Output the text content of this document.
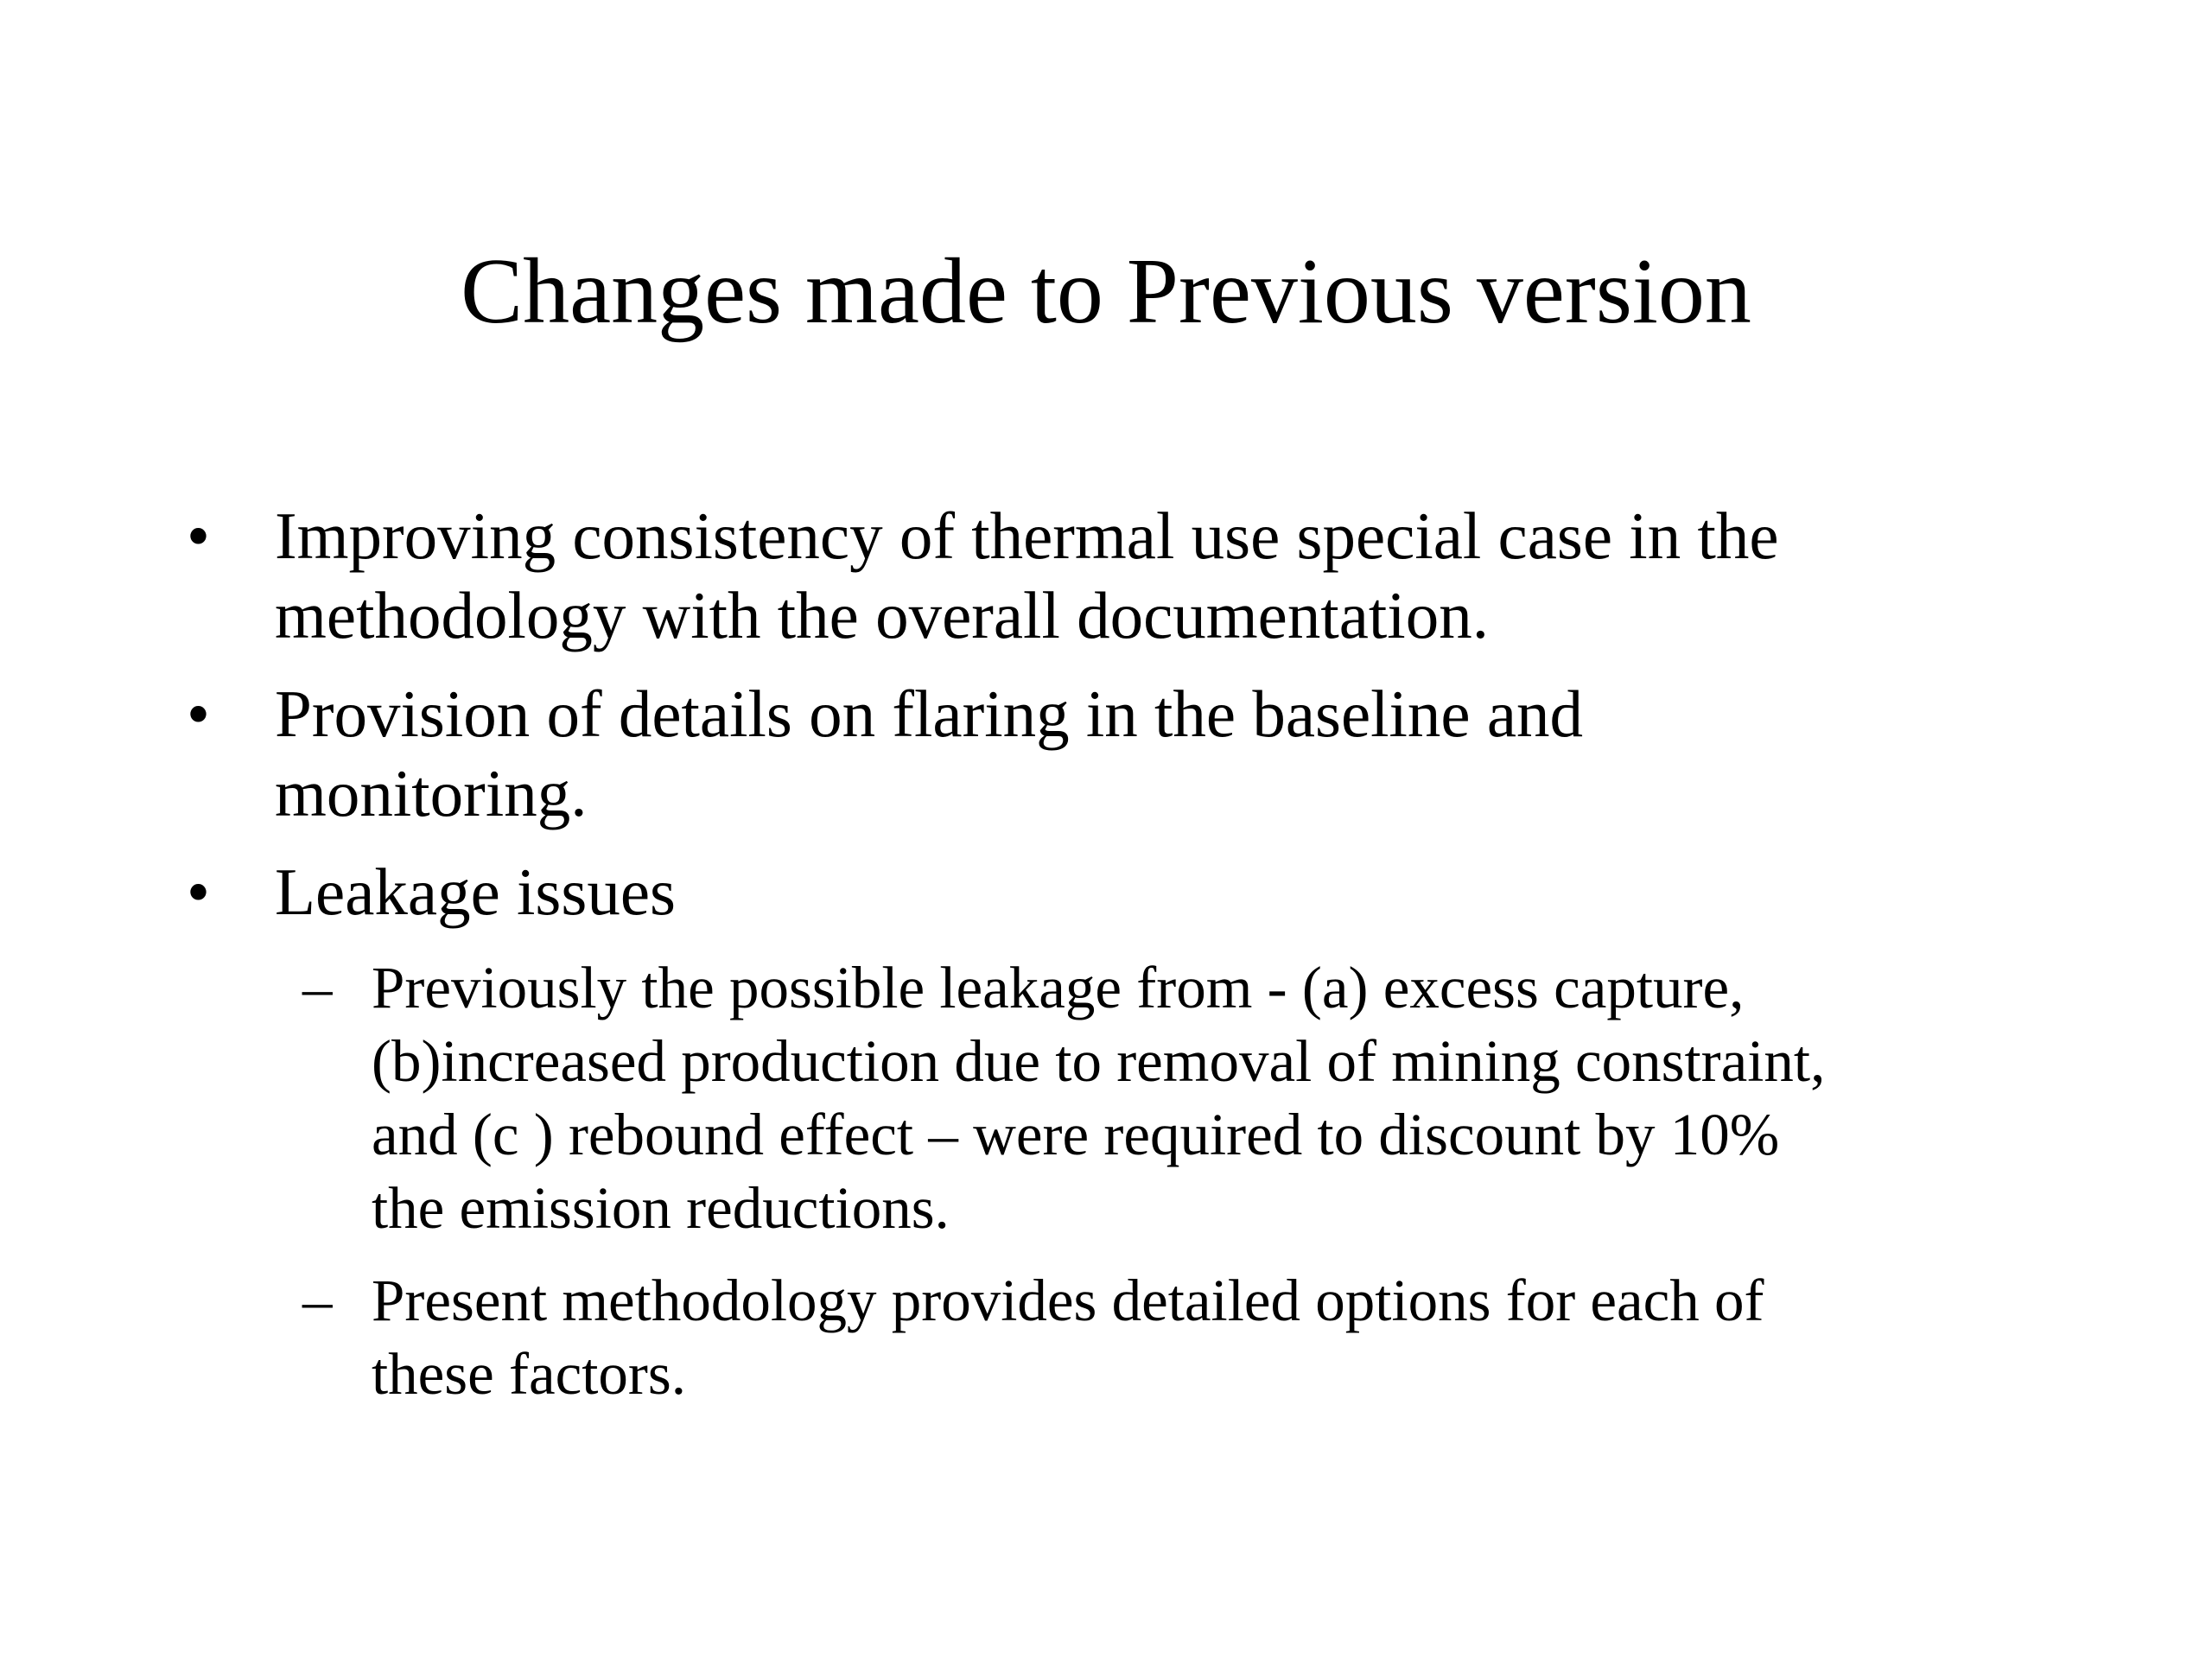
Changes made to Previous version
• Improving consistency of thermal use special case in the
methodology with the overall documentation.
• Provision of details on flaring in the baseline and
monitoring.
• Leakage issues
– Previously the possible leakage from - (a) excess capture,
(b)increased production due to removal of mining constraint,
and (c ) rebound effect – were required to discount by 10%
the emission reductions.
– Present methodology provides detailed options for each of
these factors.
